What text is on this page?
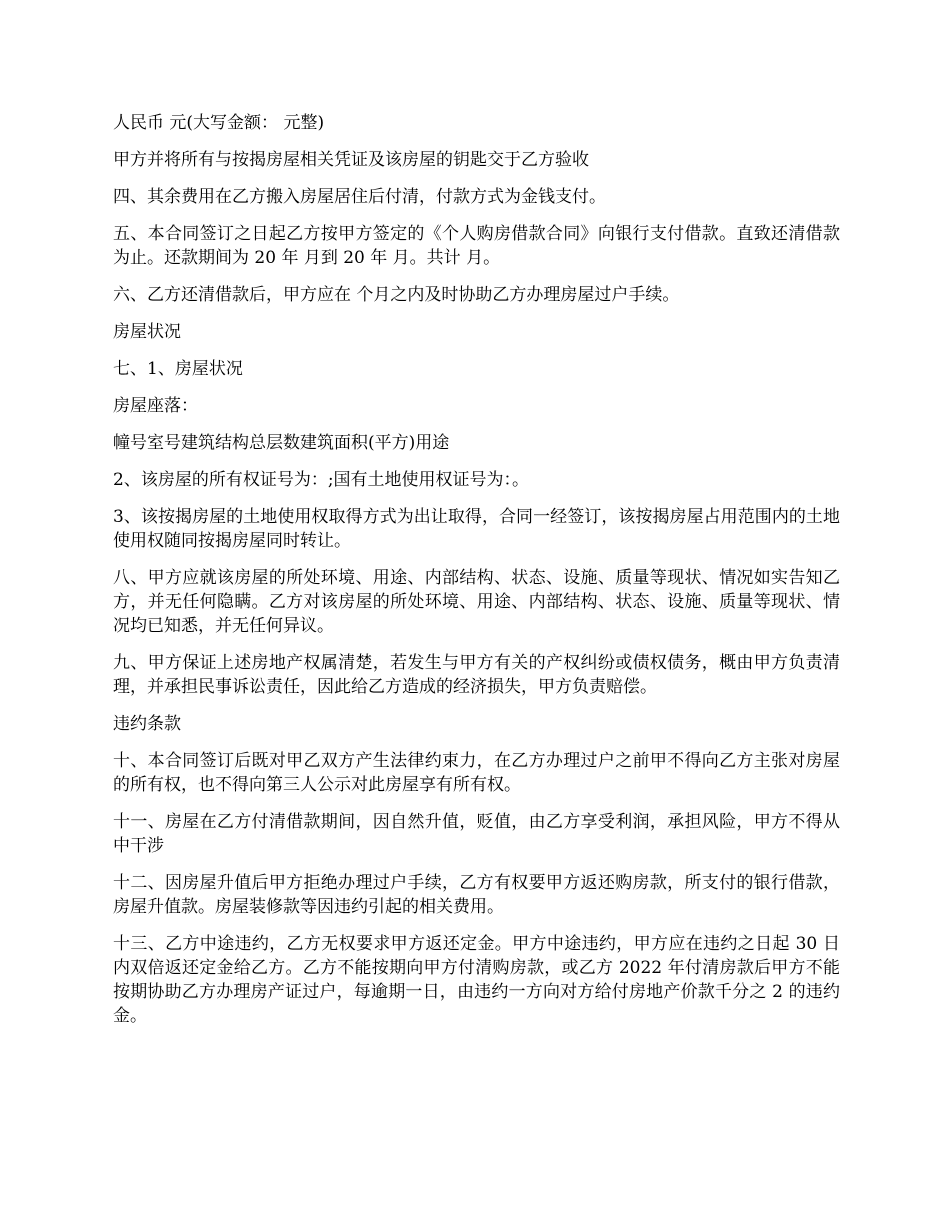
人民币 元(大写金额： 元整)

甲方并将所有与按揭房屋相关凭证及该房屋的钥匙交于乙方验收

四、其余费用在乙方搬入房屋居住后付清，付款方式为金钱支付。

五、本合同签订之日起乙方按甲方签定的《个人购房借款合同》向银行支付借款。直致还清借款为止。还款期间为 20 年 月到 20 年 月。共计 月。

六、乙方还清借款后，甲方应在 个月之内及时协助乙方办理房屋过户手续。

房屋状况

七、1、房屋状况

房屋座落：

幢号室号建筑结构总层数建筑面积(平方)用途

2、该房屋的所有权证号为：;国有土地使用权证号为：。

3、该按揭房屋的土地使用权取得方式为出让取得，合同一经签订，该按揭房屋占用范围内的土地使用权随同按揭房屋同时转让。

八、甲方应就该房屋的所处环境、用途、内部结构、状态、设施、质量等现状、情况如实告知乙方，并无任何隐瞒。乙方对该房屋的所处环境、用途、内部结构、状态、设施、质量等现状、情况均已知悉，并无任何异议。

九、甲方保证上述房地产权属清楚，若发生与甲方有关的产权纠纷或债权债务，概由甲方负责清理，并承担民事诉讼责任，因此给乙方造成的经济损失，甲方负责赔偿。

违约条款

十、本合同签订后既对甲乙双方产生法律约束力，在乙方办理过户之前甲不得向乙方主张对房屋的所有权，也不得向第三人公示对此房屋享有所有权。

十一、房屋在乙方付清借款期间，因自然升值，贬值，由乙方享受利润，承担风险，甲方不得从中干涉

十二、因房屋升值后甲方拒绝办理过户手续，乙方有权要甲方返还购房款，所支付的银行借款，房屋升值款。房屋装修款等因违约引起的相关费用。

十三、乙方中途违约，乙方无权要求甲方返还定金。甲方中途违约，甲方应在违约之日起 30 日内双倍返还定金给乙方。乙方不能按期向甲方付清购房款，或乙方 2022 年付清房款后甲方不能按期协助乙方办理房产证过户，每逾期一日，由违约一方向对方给付房地产价款千分之 2 的违约金。
